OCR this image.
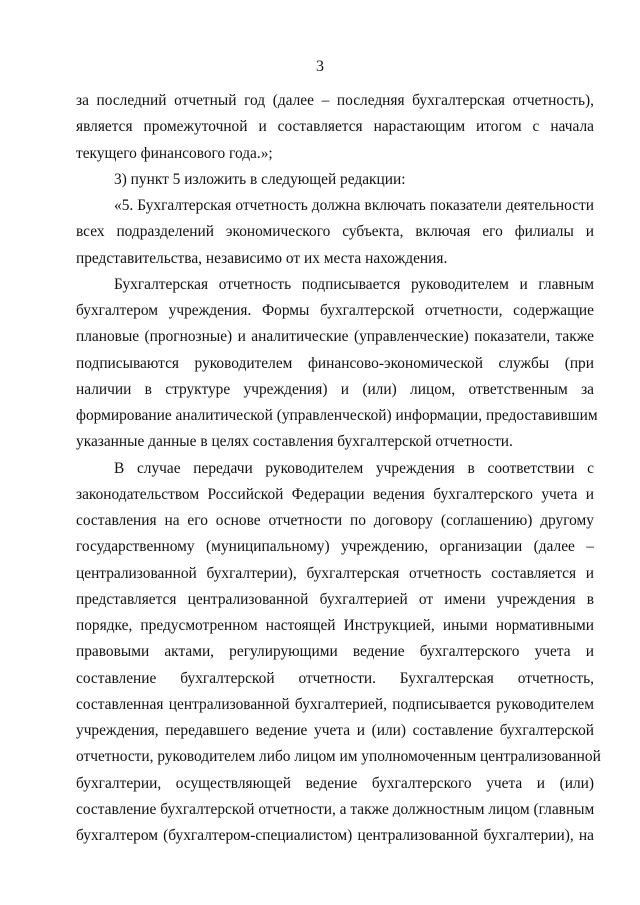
3
за последний отчетный год (далее – последняя бухгалтерская отчетность),
является промежуточной и составляется нарастающим итогом с начала
текущего финансового года.»;
3) пункт 5 изложить в следующей редакции:
«5. Бухгалтерская отчетность должна включать показатели деятельности
всех подразделений экономического субъекта, включая его филиалы и
представительства, независимо от их места нахождения.
Бухгалтерская отчетность подписывается руководителем и главным
бухгалтером учреждения. Формы бухгалтерской отчетности, содержащие
плановые (прогнозные) и аналитические (управленческие) показатели, также
подписываются руководителем финансово-экономической службы (при
наличии в структуре учреждения) и (или) лицом, ответственным за
формирование аналитической (управленческой) информации, предоставившим
указанные данные в целях составления бухгалтерской отчетности.
В случае передачи руководителем учреждения в соответствии с
законодательством Российской Федерации ведения бухгалтерского учета и
составления на его основе отчетности по договору (соглашению) другому
государственному (муниципальному) учреждению, организации (далее –
централизованной бухгалтерии), бухгалтерская отчетность составляется и
представляется централизованной бухгалтерией от имени учреждения в
порядке, предусмотренном настоящей Инструкцией, иными нормативными
правовыми актами, регулирующими ведение бухгалтерского учета и
составление бухгалтерской отчетности. Бухгалтерская отчетность,
составленная централизованной бухгалтерией, подписывается руководителем
учреждения, передавшего ведение учета и (или) составление бухгалтерской
отчетности, руководителем либо лицом им уполномоченным централизованной
бухгалтерии, осуществляющей ведение бухгалтерского учета и (или)
составление бухгалтерской отчетности, а также должностным лицом (главным
бухгалтером (бухгалтером-специалистом) централизованной бухгалтерии), на
